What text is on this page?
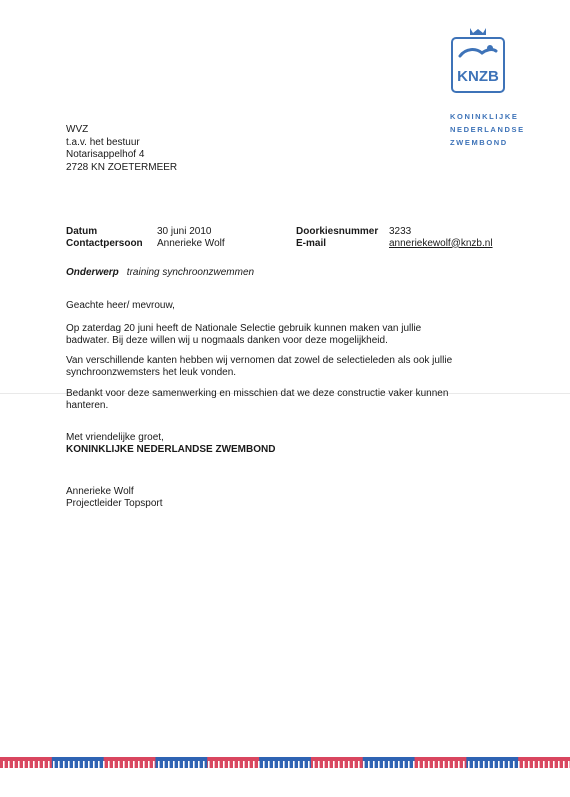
KNZB
KONINKLIJKE
NEDERLANDSE
ZWEMBOND
WVZ
t.a.v. het bestuur
Notarisappelhof 4
2728 KN ZOETERMEER
Datum
Contactpersoon
30 juni 2010
Annerieke Wolf
Doorkiesnummer
E-mail
3233
anneriekewolf@knzb.nl
Onderwerp training synchroonzwemmen
Geachte heer/ mevrouw,
Op zaterdag 20 juni heeft de Nationale Selectie gebruik kunnen maken van jullie
badwater. Bij deze willen wij u nogmaals danken voor deze mogelijkheid.
Van verschillende kanten hebben wij vernomen dat zowel de selectieleden als ook jullie
synchroonzwemsters het leuk vonden.
Bedankt voor deze samenwerking en misschien dat we deze constructie vaker kunnen
hanteren.
Met vriendelijke groet,
KONINKLIJKE NEDERLANDSE ZWEMBOND
Annerieke Wolf
Projectleider Topsport
